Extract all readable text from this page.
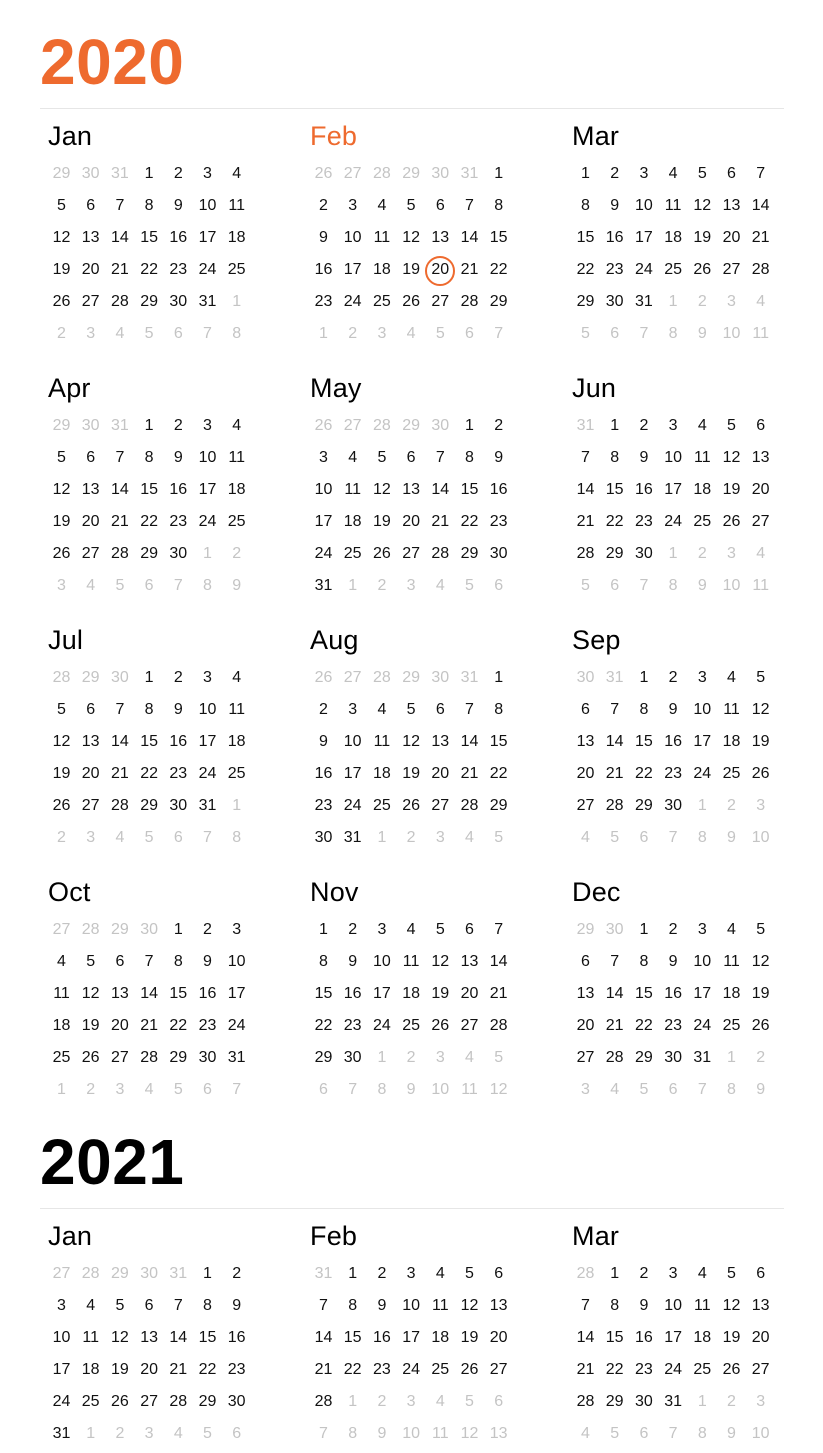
2020
2021
Jan
29 30 31 1	2	3	4
5	6	7	8	9 10 11
12 13 14 15 16 17 18
19 20 21 22 23 24 25
26 27 28 29 30 31 1
2	3	4	5	6	7	8
Feb
26 27 28 29 30 31 1
2	3	4	5	6	7	8
9 10 11 12 13 14 15
16 17 18 19 20 21 22
23 24 25 26 27 28 29
1	2	3	4	5	6	7
Mar
1	2	3	4	5	6	7
8	9 10 11 12 13 14
15 16 17 18 19 20 21
22 23 24 25 26 27 28
29 30 31 1	2	3	4
5	6	7	8	9 10 11
Apr
29 30 31 1	2	3	4
5	6	7	8	9 10 11
12 13 14 15 16 17 18
19 20 21 22 23 24 25
26 27 28 29 30 1	2
3	4	5	6	7	8	9
May
26 27 28 29 30 1	2
3	4	5	6	7	8	9
10 11 12 13 14 15 16
17 18 19 20 21 22 23
24 25 26 27 28 29 30
31 1	2	3	4	5	6
Jun
31 1	2	3	4	5	6
7	8	9 10 11 12 13
14 15 16 17 18 19 20
21 22 23 24 25 26 27
28 29 30 1	2	3	4
5	6	7	8	9 10 11
Jul
28 29 30 1	2	3	4
5	6	7	8	9 10 11
12 13 14 15 16 17 18
19 20 21 22 23 24 25
26 27 28 29 30 31 1
2	3	4	5	6	7	8
Aug
26 27 28 29 30 31 1
2	3	4	5	6	7	8
9 10 11 12 13 14 15
16 17 18 19 20 21 22
23 24 25 26 27 28 29
30 31 1	2	3	4	5
Sep
30 31 1	2	3	4	5
6	7	8	9 10 11 12
13 14 15 16 17 18 19
20 21 22 23 24 25 26
27 28 29 30 1	2	3
4	5	6	7	8	9 10
Oct
27 28 29 30 1	2	3
4	5	6	7	8	9 10
11 12 13 14 15 16 17
18 19 20 21 22 23 24
25 26 27 28 29 30 31
1	2	3	4	5	6	7
Nov
1	2	3	4	5	6	7
8	9 10 11 12 13 14
15 16 17 18 19 20 21
22 23 24 25 26 27 28
29 30 1	2	3	4	5
6	7	8	9 10 11 12
Dec
29 30 1	2	3	4	5
6	7	8	9 10 11 12
13 14 15 16 17 18 19
20 21 22 23 24 25 26
27 28 29 30 31 1	2
3	4	5	6	7	8	9
Jan
27 28 29 30 31 1	2
3	4	5	6	7	8	9
10 11 12 13 14 15 16
17 18 19 20 21 22 23
24 25 26 27 28 29 30
31 1	2	3	4	5	6
Feb
31 1	2	3	4	5	6
7	8	9 10 11 12 13
14 15 16 17 18 19 20
21 22 23 24 25 26 27
28 1	2	3	4	5	6
7	8	9 10 11 12 13
Mar
28 1	2	3	4	5	6
7	8	9 10 11 12 13
14 15 16 17 18 19 20
21 22 23 24 25 26 27
28 29 30 31 1	2	3
4	5	6	7	8	9 10
